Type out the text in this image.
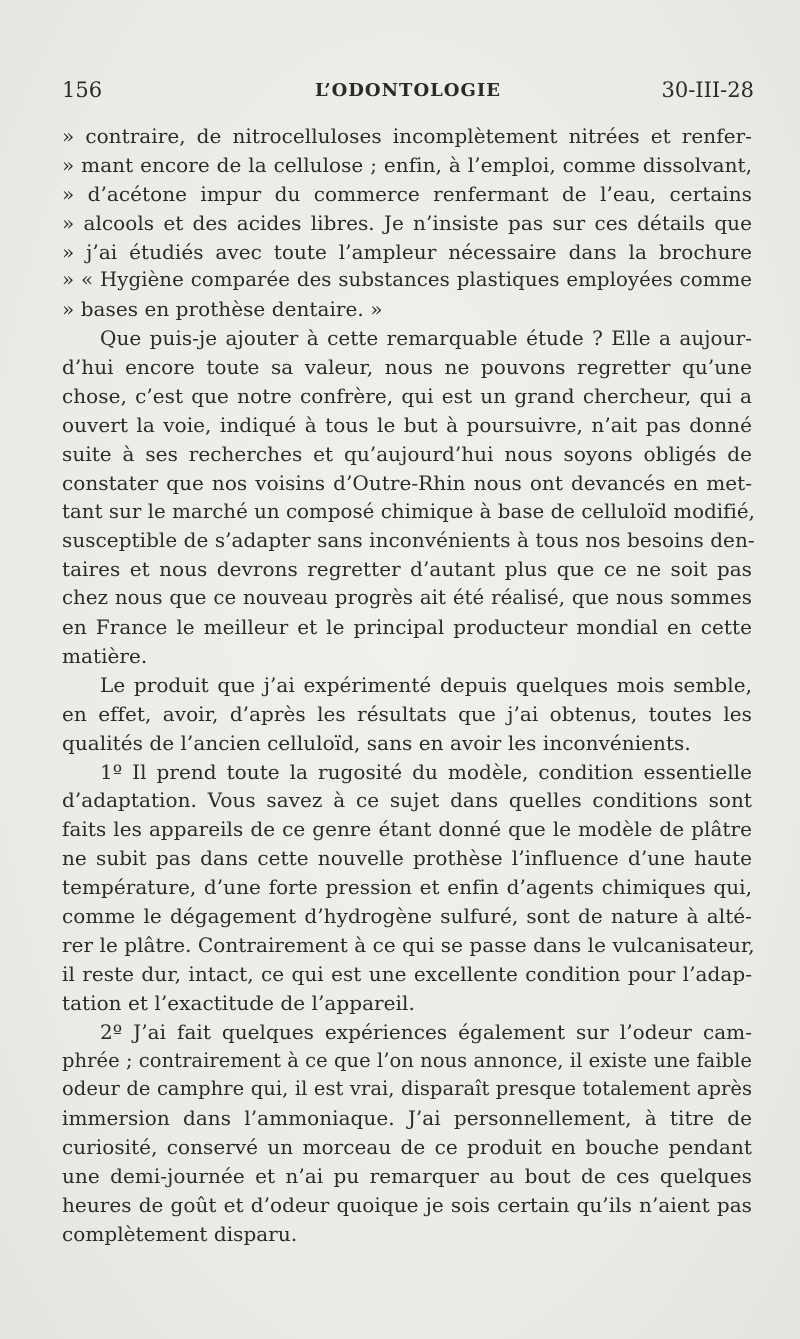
156	L’ODONTOLOGIE	30-III-28
» contraire, de nitrocelluloses incomplètement nitrées et renfer-
» mant encore de la cellulose ; enfin, à l’emploi, comme dissolvant,
» d’acétone impur du commerce renfermant de l’eau, certains
» alcools et des acides libres. Je n’insiste pas sur ces détails que
» j’ai étudiés avec toute l’ampleur nécessaire dans la brochure
» « Hygiène comparée des substances plastiques employées comme
» bases en prothèse dentaire. »
Que puis-je ajouter à cette remarquable étude ? Elle a aujour-
d’hui encore toute sa valeur, nous ne pouvons regretter qu’une
chose, c’est que notre confrère, qui est un grand chercheur, qui a
ouvert la voie, indiqué à tous le but à poursuivre, n’ait pas donné
suite à ses recherches et qu’aujourd’hui nous soyons obligés de
constater que nos voisins d’Outre-Rhin nous ont devancés en met-
tant sur le marché un composé chimique à base de celluloïd modifié,
susceptible de s’adapter sans inconvénients à tous nos besoins den-
taires et nous devrons regretter d’autant plus que ce ne soit pas
chez nous que ce nouveau progrès ait été réalisé, que nous sommes
en France le meilleur et le principal producteur mondial en cette
matière.
Le produit que j’ai expérimenté depuis quelques mois semble,
en effet, avoir, d’après les résultats que j’ai obtenus, toutes les
qualités de l’ancien celluloïd, sans en avoir les inconvénients.
1º Il prend toute la rugosité du modèle, condition essentielle
d’adaptation. Vous savez à ce sujet dans quelles conditions sont
faits les appareils de ce genre étant donné que le modèle de plâtre
ne subit pas dans cette nouvelle prothèse l’influence d’une haute
température, d’une forte pression et enfin d’agents chimiques qui,
comme le dégagement d’hydrogène sulfuré, sont de nature à alté-
rer le plâtre. Contrairement à ce qui se passe dans le vulcanisateur,
il reste dur, intact, ce qui est une excellente condition pour l’adap-
tation et l’exactitude de l’appareil.
2º J’ai fait quelques expériences également sur l’odeur cam-
phrée ; contrairement à ce que l’on nous annonce, il existe une faible
odeur de camphre qui, il est vrai, disparaît presque totalement après
immersion dans l’ammoniaque. J’ai personnellement, à titre de
curiosité, conservé un morceau de ce produit en bouche pendant
une demi-journée et n’ai pu remarquer au bout de ces quelques
heures de goût et d’odeur quoique je sois certain qu’ils n’aient pas
complètement disparu.
